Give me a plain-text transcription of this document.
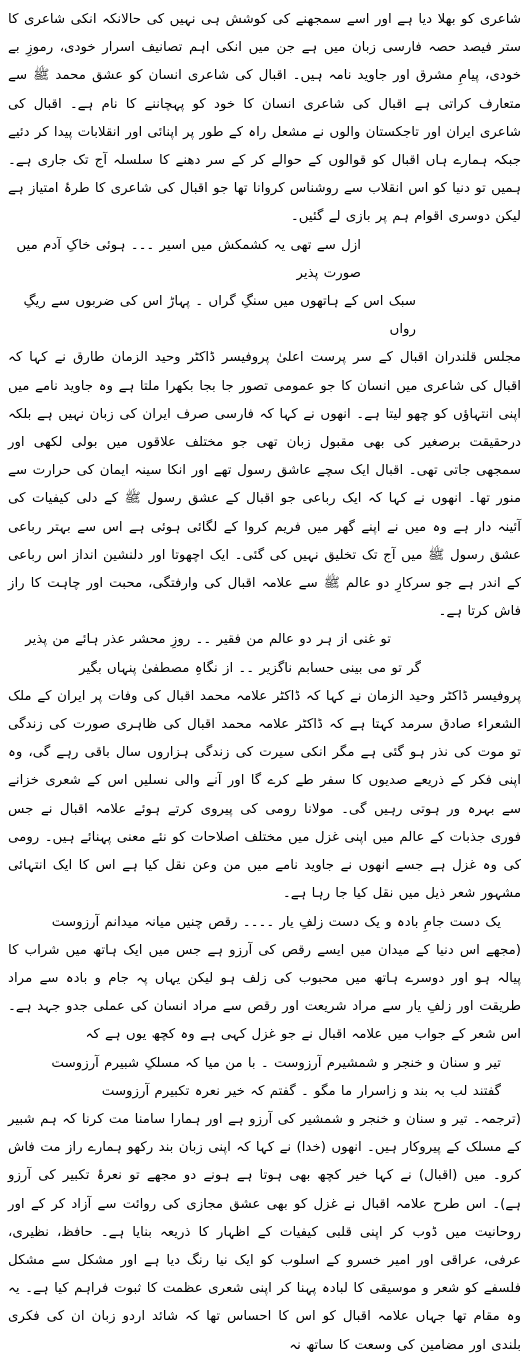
شاعری کو بھلا دیا ہے اور اسے سمجھنے کی کوشش ہی نہیں کی حالانکہ انکی شاعری کا ستر فیصد حصہ فارسی زبان میں ہے جن میں انکی اہم تصانیف اسرار خودی، رموزِ بے خودی، پیامِ مشرق اور جاوید نامہ ہیں۔ اقبال کی شاعری انسان کو عشق محمد ﷺ سے متعارف کراتی ہے اقبال کی شاعری انسان کا خود کو پہچاننے کا نام ہے۔ اقبال کی شاعری ایران اور تاجکستان والوں نے مشعل راہ کے طور پر اپنائی اور انقلابات پیدا کر دئیے جبکہ ہمارے ہاں اقبال کو قوالوں کے حوالے کر کے سر دھنے کا سلسلہ آج تک جاری ہے۔ ہمیں تو دنیا کو اس انقلاب سے روشناس کروانا تھا جو اقبال کی شاعری کا طرۂ امتیاز ہے لیکن دوسری اقوام ہم پر بازی لے گئیں۔

ازل سے تھی یہ کشمکش میں اسیر ۔۔۔ ہوئی خاکِ آدم میں صورت پذیر
سبک اس کے ہاتھوں میں سنگِ گراں ۔ پہاڑ اس کی ضربوں سے ریگِ رواں

مجلس قلندران اقبال کے سر پرست اعلیٰ پروفیسر ڈاکٹر وحید الزمان طارق نے کہا کہ اقبال کی شاعری میں انسان کا جو عمومی تصور جا بجا بکھرا ملتا ہے وہ جاوید نامے میں اپنی انتہاؤں کو چھو لیتا ہے۔ انھوں نے کہا کہ فارسی صرف ایران کی زبان نہیں ہے بلکہ درحقیقت برصغیر کی بھی مقبول زبان تھی جو مختلف علاقوں میں بولی لکھی اور سمجھی جاتی تھی۔ اقبال ایک سچے عاشق رسول تھے اور انکا سینہ ایمان کی حرارت سے منور تھا۔ انھوں نے کہا کہ ایک رباعی جو اقبال کے عشق رسول ﷺ کے دلی کیفیات کی آئینہ دار ہے وہ میں نے اپنے گھر میں فریم کروا کے لگائی ہوئی ہے اس سے بہتر رباعی عشق رسول ﷺ میں آج تک تخلیق نہیں کی گئی۔ ایک اچھوتا اور دلنشین انداز اس رباعی کے اندر ہے جو سرکارِ دو عالم ﷺ سے علامہ اقبال کی وارفتگی، محبت اور چاہت کا راز فاش کرتا ہے۔

تو غنی از ہر دو عالم من فقیر ۔۔ روزِ محشر عذر ہائے من پذیر
گر تو می بینی حسابم ناگزیر ۔۔ از نگاہِ مصطفیٰ پنہاں بگیر

پروفیسر ڈاکٹر وحید الزمان نے کہا کہ ڈاکٹر علامہ محمد اقبال کی وفات پر ایران کے ملک الشعراء صادق سرمد کہتا ہے کہ ڈاکٹر علامہ محمد اقبال کی ظاہری صورت کی زندگی تو موت کی نذر ہو گئی ہے مگر انکی سیرت کی زندگی ہزاروں سال باقی رہے گی، وہ اپنی فکر کے ذریعے صدیوں کا سفر طے کرے گا اور آنے والی نسلیں اس کے شعری خزانے سے بہرہ ور ہوتی رہیں گی۔ مولانا رومی کی پیروی کرتے ہوئے علامہ اقبال نے جس فوری جذبات کے عالم میں اپنی غزل میں مختلف اصلاحات کو نئے معنی پہنائے ہیں۔ رومی کی وہ غزل ہے جسے انھوں نے جاوید نامے میں من وعن نقل کیا ہے اس کا ایک انتہائی مشہور شعر ذیل میں نقل کیا جا رہا ہے۔

یک دست جامِ بادہ و یک دست زلفِ یار ۔۔۔۔ رقص چنیں میانہ میدانم آرزوست

(مجھے اس دنیا کے میدان میں ایسے رقص کی آرزو ہے جس میں ایک ہاتھ میں شراب کا پیالہ ہو اور دوسرے ہاتھ میں محبوب کی زلف ہو لیکن یہاں پہ جام و بادہ سے مراد طریقت اور زلفِ یار سے مراد شریعت اور رقص سے مراد انسان کی عملی جدو جہد ہے۔ اس شعر کے جواب میں علامہ اقبال نے جو غزل کہی ہے وہ کچھ یوں ہے کہ

تیر و سنان و خنجر و شمشیرم آرزوست ۔ با من میا کہ مسلکِ شبیرم آرزوست
گفتند لب بہ بند و زاسرار ما مگو ۔ گفتم کہ خیر نعرہ تکبیرم آرزوست

(ترجمہ۔ تیر و سنان و خنجر و شمشیر کی آرزو ہے اور ہمارا سامنا مت کرنا کہ ہم شبیر کے مسلک کے پیروکار ہیں۔ انھوں (خدا) نے کہا کہ اپنی زبان بند رکھو ہمارے راز مت فاش کرو۔ میں (اقبال) نے کہا خیر کچھ بھی ہوتا ہے ہونے دو مجھے تو نعرۂ تکبیر کی آرزو ہے)۔ اس طرح علامہ اقبال نے غزل کو بھی عشق مجازی کی روائت سے آزاد کر کے اور روحانیت میں ڈوب کر اپنی قلبی کیفیات کے اظہار کا ذریعہ بنایا ہے۔ حافظ، نظیری، عرفی، عراقی اور امیر خسرو کے اسلوب کو ایک نیا رنگ دیا ہے اور مشکل سے مشکل فلسفے کو شعر و موسیقی کا لبادہ پہنا کر اپنی شعری عظمت کا ثبوت فراہم کیا ہے۔ یہ وہ مقام تھا جہاں علامہ اقبال کو اس کا احساس تھا کہ شائد اردو زبان ان کی فکری بلندی اور مضامین کی وسعت کا ساتھ نہ
